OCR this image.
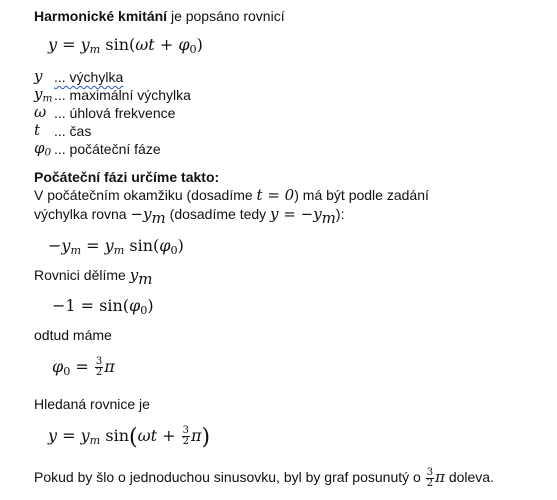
Harmonické kmitání je popsáno rovnicí
$y = y_m$ $\sin(\omega t + \varphi_0)$
y ... výchylka
$y_m$ ... maximální výchylka
ω ... úhlová frekvence
t ... čas
$\varphi_0$ ... počáteční fáze
Počáteční fázi určíme takto:
V počátečním okamžiku (dosadíme t = 0) má být podle zadání
výchylka rovna $-y_m$ (dosadíme tedy $y = -y_m$):
$-y_m = y_m$ $\sin(\varphi_0)$
Rovnici dělíme $y_m$
$-1 = \sin(\varphi_0)$
odtud máme
$\varphi_0 = \frac{3}{2}$ π
Hledaná rovnice je
$y = y_m$ $\sin(\omega t + \frac{3}{2} \pi)$
Pokud by šlo o jednoduchou sinusovku, byl by graf posunutý o $\frac{3}{2}$ π doleva.
